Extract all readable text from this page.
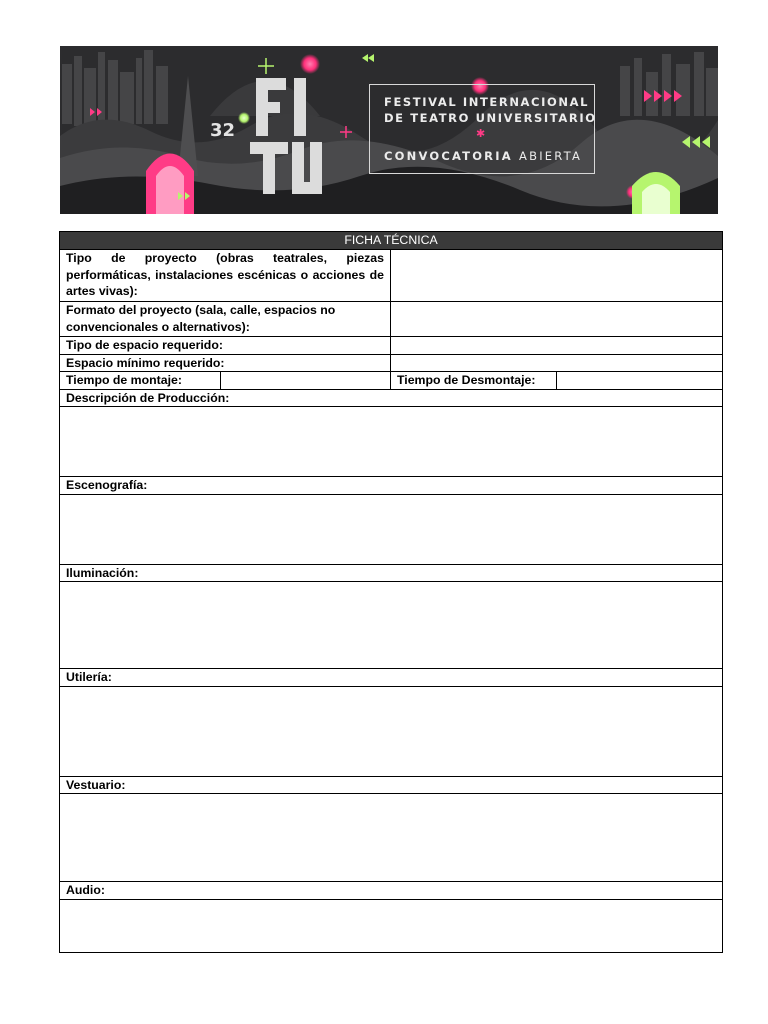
32
FESTIVAL INTERNACIONAL
DE TEATRO UNIVERSITARIO
✱
CONVOCATORIA ABIERTA
FICHA TÉCNICA			
Tipo de proyecto (obras teatrales, piezas performáticas, instalaciones escénicas o acciones de artes vivas):			
Formato del proyecto (sala, calle, espacios no convencionales o alternativos):			
Tipo de espacio requerido:			
Espacio mínimo requerido:			
Tiempo de montaje:		Tiempo de Desmontaje:	

Descripción de Producción:			

Escenografía:			

Iluminación:			

Utilería:			

Vestuario:			

Audio:			
